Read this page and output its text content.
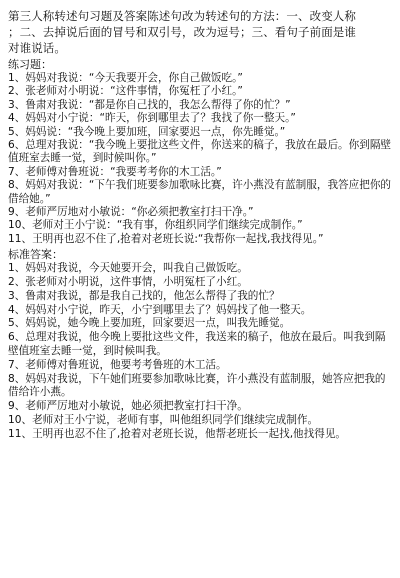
第三人称转述句习题及答案陈述句改为转述句的方法：一、改变人称

；二、去掉说后面的冒号和双引号，改为逗号；三、看句子前面是谁

对谁说话。

练习题：

1、妈妈对我说：“今天我要开会，你自己做饭吃。”

2、张老师对小明说：“这件事情，你冤枉了小红。”

3、鲁肃对我说：“都是你自己找的，我怎么帮得了你的忙？”

4、妈妈对小宁说：“昨天，你到哪里去了？我找了你一整天。”

5、妈妈说：“我今晚上要加班，回家要迟一点，你先睡觉。”

6、总理对我说：“我今晚上要批这些文件，你送来的稿子，我放在最后。你到隔壁值班室去睡一觉，到时候叫你。”

7、老师傅对鲁班说：“我要考考你的木工活。”

8、妈妈对我说：“下午我们班要参加歌咏比赛，许小燕没有蓝制服，我答应把你的借给她。”

9、老师严厉地对小敏说：“你必须把教室打扫干净。”

10、老师对王小宁说：“我有事，你组织同学们继续完成制作。”

11、王明再也忍不住了,抢着对老班长说:“我帮你一起找,我找得见。”

标准答案：

1、妈妈对我说，今天她要开会，叫我自己做饭吃。

2、张老师对小明说，这件事情，小明冤枉了小红。

3、鲁肃对我说，都是我自己找的，他怎么帮得了我的忙？

4、妈妈对小宁说，昨天，小宁到哪里去了？妈妈找了他一整天。

5、妈妈说，她今晚上要加班，回家要迟一点，叫我先睡觉。

6、总理对我说，他今晚上要批这些文件，我送来的稿子，他放在最后。叫我到隔壁值班室去睡一觉，到时候叫我。

7、老师傅对鲁班说，他要考考鲁班的木工活。

8、妈妈对我说，下午她们班要参加歌咏比赛，许小燕没有蓝制服，她答应把我的借给许小燕。

9、老师严厉地对小敏说，她必须把教室打扫干净。

10、老师对王小宁说，老师有事，叫他组织同学们继续完成制作。

11、王明再也忍不住了,抢着对老班长说，他帮老班长一起找,他找得见。
